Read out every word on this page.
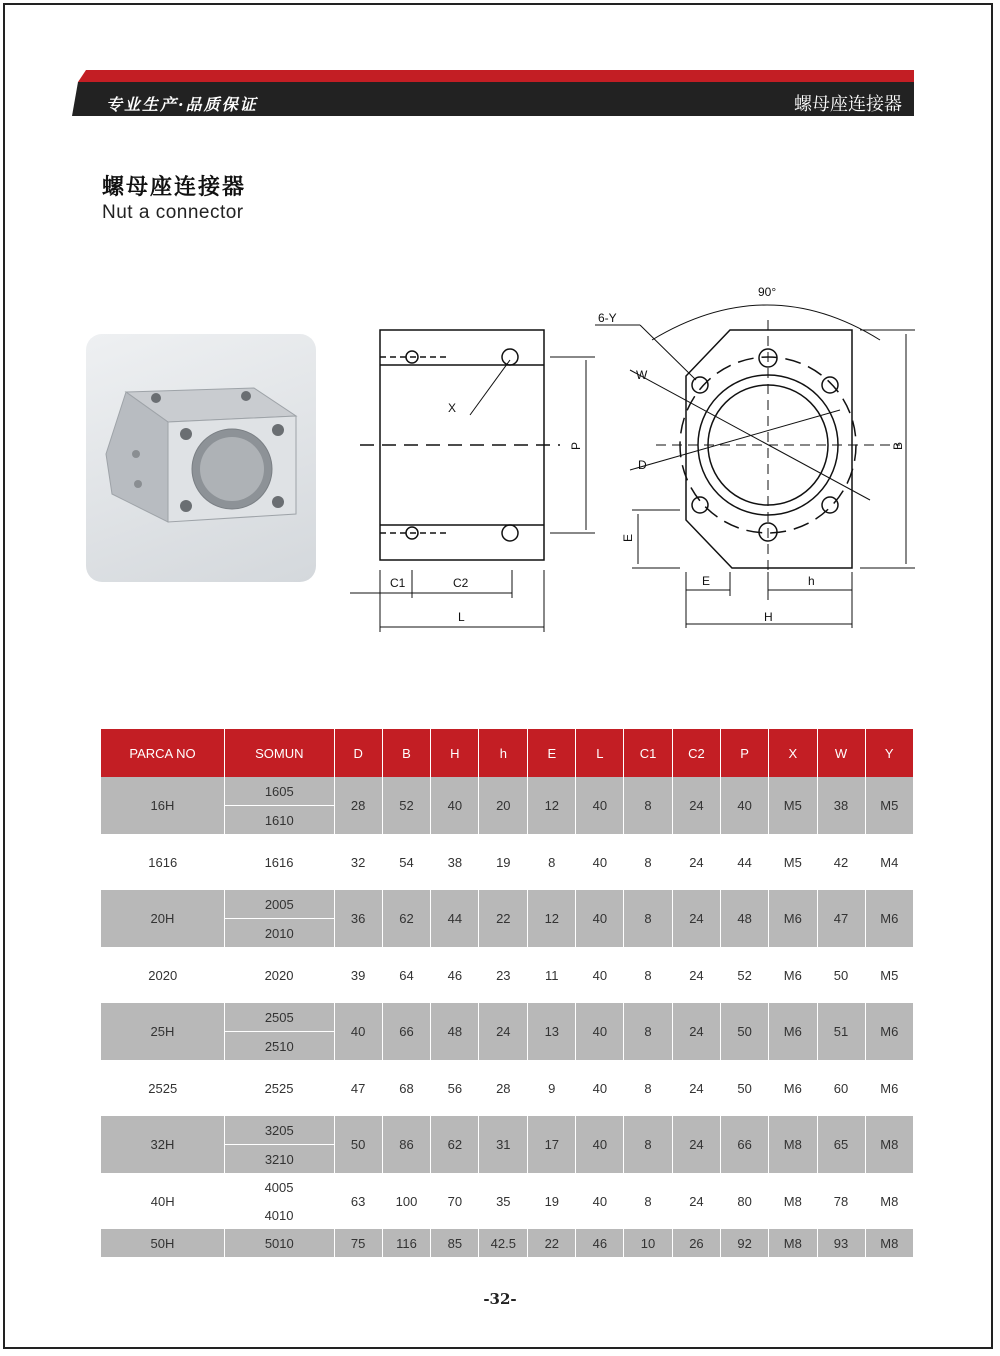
专业生产·品质保证	螺母座连接器
螺母座连接器
Nut a connector
X
P
C1	C2
L
90°
6-Y
W
D
B
E
E	h
H
PARCA NO	SOMUN	D	B	H	h	E	L	C1	C2	P	X	W	Y
16H	1605	28	52	40	20	12	40	8	24	40	M5	38	M5
	1610												
1616	1616	32	54	38	19	8	40	8	24	44	M5	42	M4
20H	2005	36	62	44	22	12	40	8	24	48	M6	47	M6
	2010												
2020	2020	39	64	46	23	11	40	8	24	52	M6	50	M5
25H	2505	40	66	48	24	13	40	8	24	50	M6	51	M6
	2510												
2525	2525	47	68	56	28	9	40	8	24	50	M6	60	M6
32H	3205	50	86	62	31	17	40	8	24	66	M8	65	M8
	3210												
40H	4005	63	100	70	35	19	40	8	24	80	M8	78	M8
	4010												
50H	5010	75	116	85	42.5	22	46	10	26	92	M8	93	M8
-32-
